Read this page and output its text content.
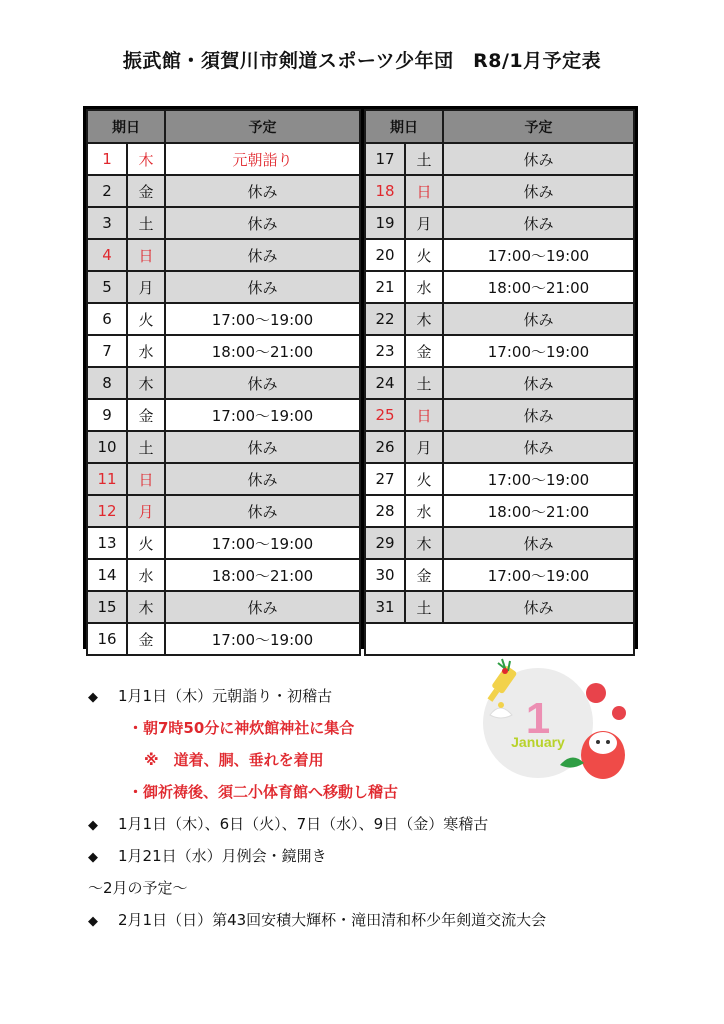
振武館・須賀川市剣道スポーツ少年団　R8/1月予定表
期日		予定
1	木	元朝詣り
2	金	休み
3	土	休み
4	日	休み
5	月	休み
6	火	17:00～19:00
7	水	18:00～21:00
8	木	休み
9	金	17:00～19:00
10	土	休み
11	日	休み
12	月	休み
13	火	17:00～19:00
14	水	18:00～21:00
15	木	休み
16	金	17:00～19:00
期日		予定
17	土	休み
18	日	休み
19	月	休み
20	火	17:00～19:00
21	水	18:00～21:00
22	木	休み
23	金	17:00～19:00
24	土	休み
25	日	休み
26	月	休み
27	火	17:00～19:00
28	水	18:00～21:00
29	木	休み
30	金	17:00～19:00
31	土	休み

◆ 1月1日（木）元朝詣り・初稽古
・朝7時50分に神炊館神社に集合
※　道着、胴、垂れを着用
・御祈祷後、須二小体育館へ移動し稽古
◆ 1月1日（木）、6日（火）、7日（水）、9日（金）寒稽古
◆ 1月21日（水）月例会・鏡開き
～2月の予定～
◆ 2月1日（日）第43回安積大輝杯・滝田清和杯少年剣道交流大会
1
January
